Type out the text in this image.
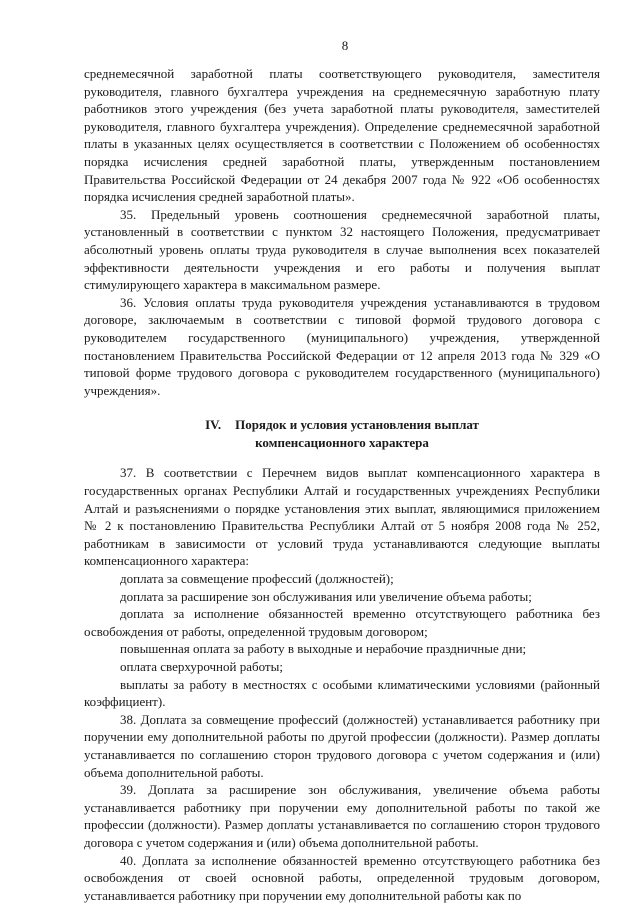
8

среднемесячной заработной платы соответствующего руководителя, заместителя руководителя, главного бухгалтера учреждения на среднемесячную заработную плату работников этого учреждения (без учета заработной платы руководителя, заместителей руководителя, главного бухгалтера учреждения). Определение среднемесячной заработной платы в указанных целях осуществляется в соответствии с Положением об особенностях порядка исчисления средней заработной платы, утвержденным постановлением Правительства Российской Федерации от 24 декабря 2007 года № 922 «Об особенностях порядка исчисления средней заработной платы».

35. Предельный уровень соотношения среднемесячной заработной платы, установленный в соответствии с пунктом 32 настоящего Положения, предусматривает абсолютный уровень оплаты труда руководителя в случае выполнения всех показателей эффективности деятельности учреждения и его работы и получения выплат стимулирующего характера в максимальном размере.

36. Условия оплаты труда руководителя учреждения устанавливаются в трудовом договоре, заключаемым в соответствии с типовой формой трудового договора с руководителем государственного (муниципального) учреждения, утвержденной постановлением Правительства Российской Федерации от 12 апреля 2013 года № 329 «О типовой форме трудового договора с руководителем государственного (муниципального) учреждения».

IV. Порядок и условия установления выплат
компенсационного характера

37. В соответствии с Перечнем видов выплат компенсационного характера в государственных органах Республики Алтай и государственных учреждениях Республики Алтай и разъяснениями о порядке установления этих выплат, являющимися приложением № 2 к постановлению Правительства Республики Алтай от 5 ноября 2008 года № 252, работникам в зависимости от условий труда устанавливаются следующие выплаты компенсационного характера:

доплата за совмещение профессий (должностей);

доплата за расширение зон обслуживания или увеличение объема работы;

доплата за исполнение обязанностей временно отсутствующего работника без освобождения от работы, определенной трудовым договором;

повышенная оплата за работу в выходные и нерабочие праздничные дни;

оплата сверхурочной работы;

выплаты за работу в местностях с особыми климатическими условиями (районный коэффициент).

38. Доплата за совмещение профессий (должностей) устанавливается работнику при поручении ему дополнительной работы по другой профессии (должности). Размер доплаты устанавливается по соглашению сторон трудового договора с учетом содержания и (или) объема дополнительной работы.

39. Доплата за расширение зон обслуживания, увеличение объема работы устанавливается работнику при поручении ему дополнительной работы по такой же профессии (должности). Размер доплаты устанавливается по соглашению сторон трудового договора с учетом содержания и (или) объема дополнительной работы.

40. Доплата за исполнение обязанностей временно отсутствующего работника без освобождения от своей основной работы, определенной трудовым договором, устанавливается работнику при поручении ему дополнительной работы как по
